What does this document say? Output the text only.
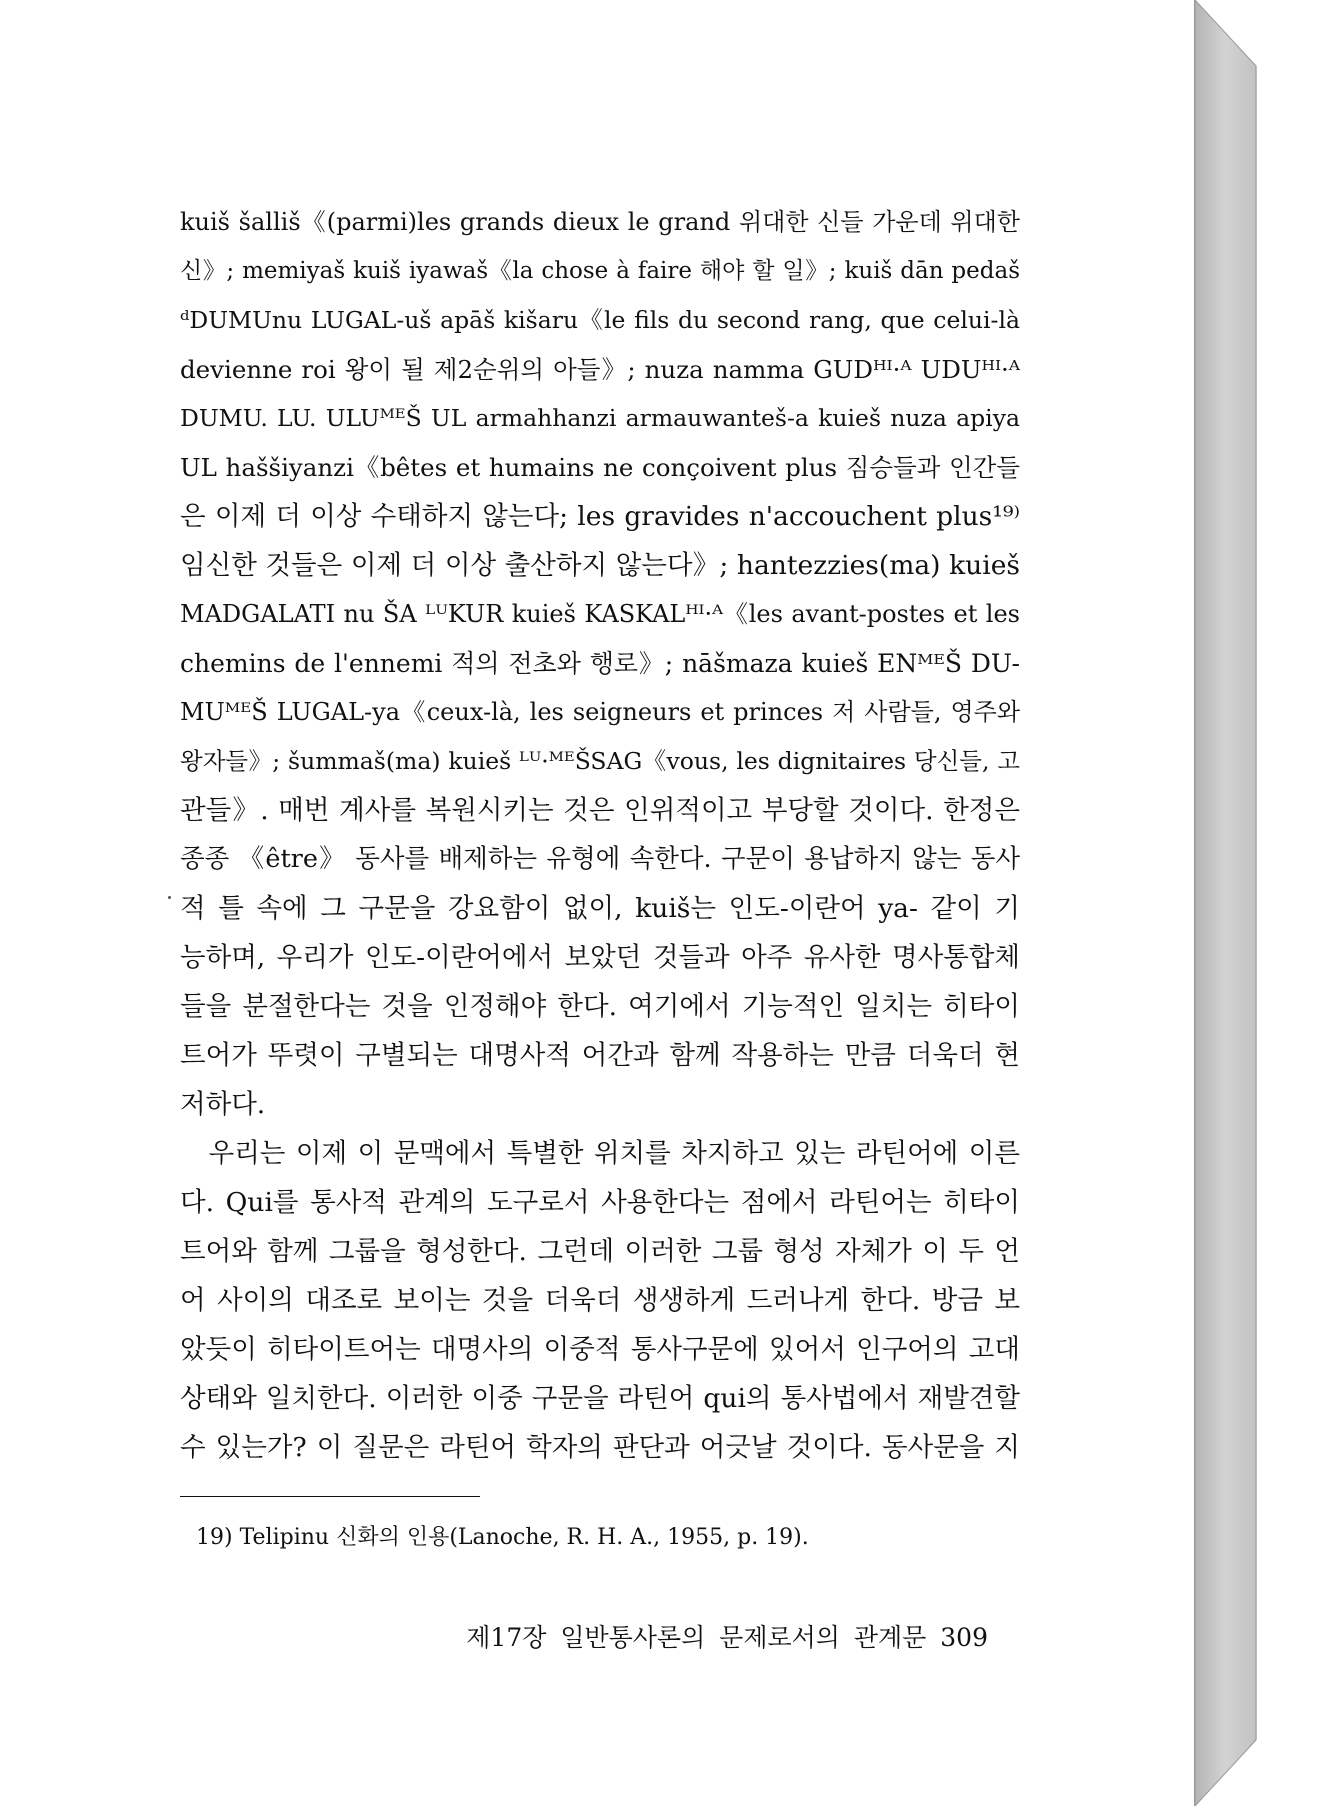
kuiš šalliš《(parmi)les grands dieux le grand 위대한 신들 가운데 위대한
신》; memiyaš kuiš iyawaš《la chose à faire 해야 할 일》; kuiš dān pedaš
ᵈDUMUnu LUGAL-uš apāš kišaru《le fils du second rang, que celui-là
devienne roi 왕이 될 제2순위의 아들》; nuza namma GUDᴴᴵ·ᴬ UDUᴴᴵ·ᴬ
DUMU. LU. ULUᴹᴱŠ UL armahhanzi armauwanteš-a kuieš nuza apiya
UL haššiyanzi《bêtes et humains ne conçoivent plus 짐승들과 인간들
은 이제 더 이상 수태하지 않는다; les gravides n'accouchent plus¹⁹⁾
임신한 것들은 이제 더 이상 출산하지 않는다》; hantezzies(ma) kuieš
MADGALATI nu ŠA ᴸᵁKUR kuieš KASKALᴴᴵ·ᴬ《les avant-postes et les
chemins de l'ennemi 적의 전초와 행로》; nāšmaza kuieš ENᴹᴱŠ DU-
MUᴹᴱŠ LUGAL-ya《ceux-là, les seigneurs et princes 저 사람들, 영주와
왕자들》; šummaš(ma) kuieš ᴸᵁ·ᴹᴱŠSAG《vous, les dignitaires 당신들, 고
관들》. 매번 계사를 복원시키는 것은 인위적이고 부당할 것이다. 한정은
종종 《être》 동사를 배제하는 유형에 속한다. 구문이 용납하지 않는 동사
적 틀 속에 그 구문을 강요함이 없이, kuiš는 인도-이란어 ya- 같이 기
능하며, 우리가 인도-이란어에서 보았던 것들과 아주 유사한 명사통합체
들을 분절한다는 것을 인정해야 한다. 여기에서 기능적인 일치는 히타이
트어가 뚜렷이 구별되는 대명사적 어간과 함께 작용하는 만큼 더욱더 현
저하다.
　우리는 이제 이 문맥에서 특별한 위치를 차지하고 있는 라틴어에 이른
다. Qui를 통사적 관계의 도구로서 사용한다는 점에서 라틴어는 히타이
트어와 함께 그룹을 형성한다. 그런데 이러한 그룹 형성 자체가 이 두 언
어 사이의 대조로 보이는 것을 더욱더 생생하게 드러나게 한다. 방금 보
았듯이 히타이트어는 대명사의 이중적 통사구문에 있어서 인구어의 고대
상태와 일치한다. 이러한 이중 구문을 라틴어 qui의 통사법에서 재발견할
수 있는가? 이 질문은 라틴어 학자의 판단과 어긋날 것이다. 동사문을 지
19) Telipinu 신화의 인용(Lanoche, R. H. A., 1955, p. 19).
제17장 일반통사론의 문제로서의 관계문 309
